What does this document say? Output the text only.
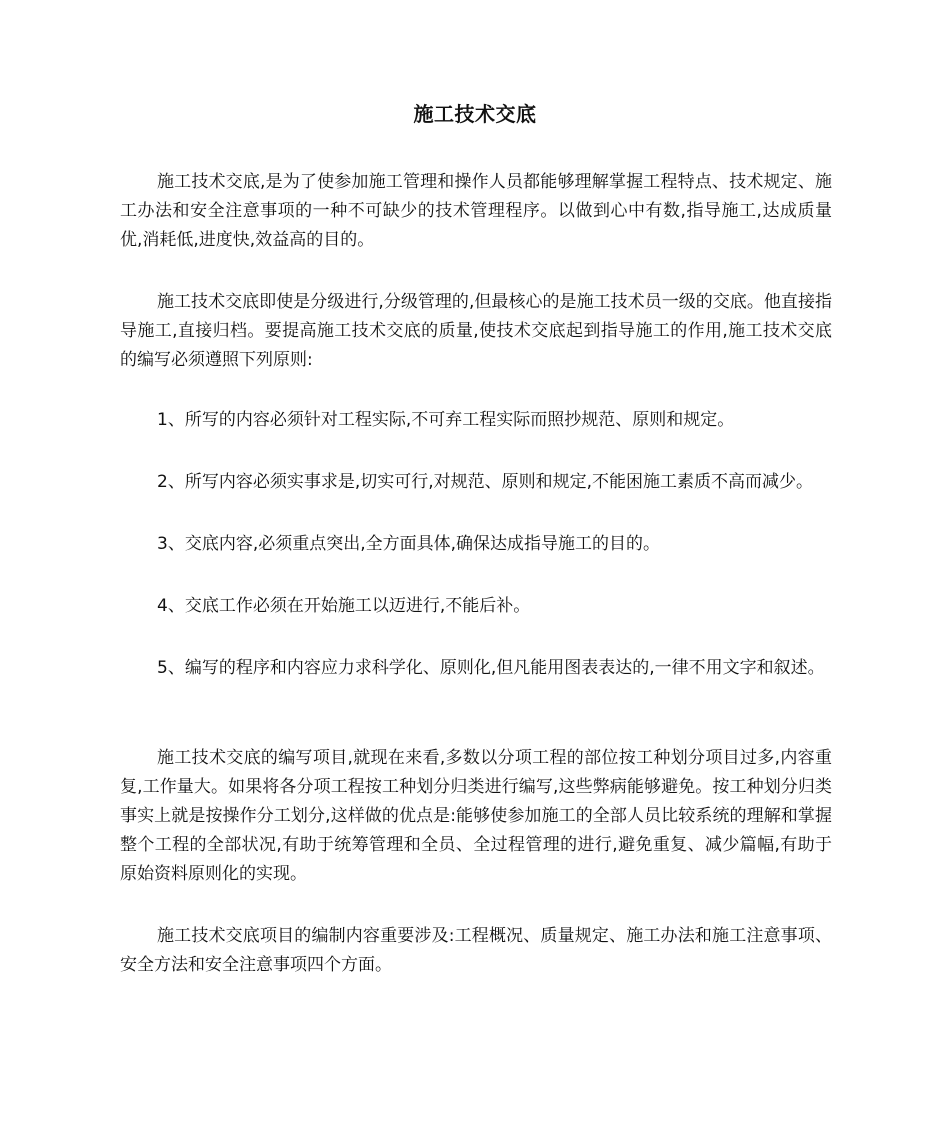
施工技术交底

施工技术交底,是为了使参加施工管理和操作人员都能够理解掌握工程特点、技术规定、施工办法和安全注意事项的一种不可缺少的技术管理程序。以做到心中有数,指导施工,达成质量优,消耗低,进度快,效益高的目的。

施工技术交底即使是分级进行,分级管理的,但最核心的是施工技术员一级的交底。他直接指导施工,直接归档。要提高施工技术交底的质量,使技术交底起到指导施工的作用,施工技术交底的编写必须遵照下列原则:

1、所写的内容必须针对工程实际,不可弃工程实际而照抄规范、原则和规定。

2、所写内容必须实事求是,切实可行,对规范、原则和规定,不能困施工素质不高而减少。

3、交底内容,必须重点突出,全方面具体,确保达成指导施工的目的。

4、交底工作必须在开始施工以迈进行,不能后补。

5、编写的程序和内容应力求科学化、原则化,但凡能用图表表达的,一律不用文字和叙述。

施工技术交底的编写项目,就现在来看,多数以分项工程的部位按工种划分项目过多,内容重复,工作量大。如果将各分项工程按工种划分归类进行编写,这些弊病能够避免。按工种划分归类事实上就是按操作分工划分,这样做的优点是:能够使参加施工的全部人员比较系统的理解和掌握整个工程的全部状况,有助于统筹管理和全员、全过程管理的进行,避免重复、减少篇幅,有助于原始资料原则化的实现。

施工技术交底项目的编制内容重要涉及:工程概况、质量规定、施工办法和施工注意事项、安全方法和安全注意事项四个方面。
